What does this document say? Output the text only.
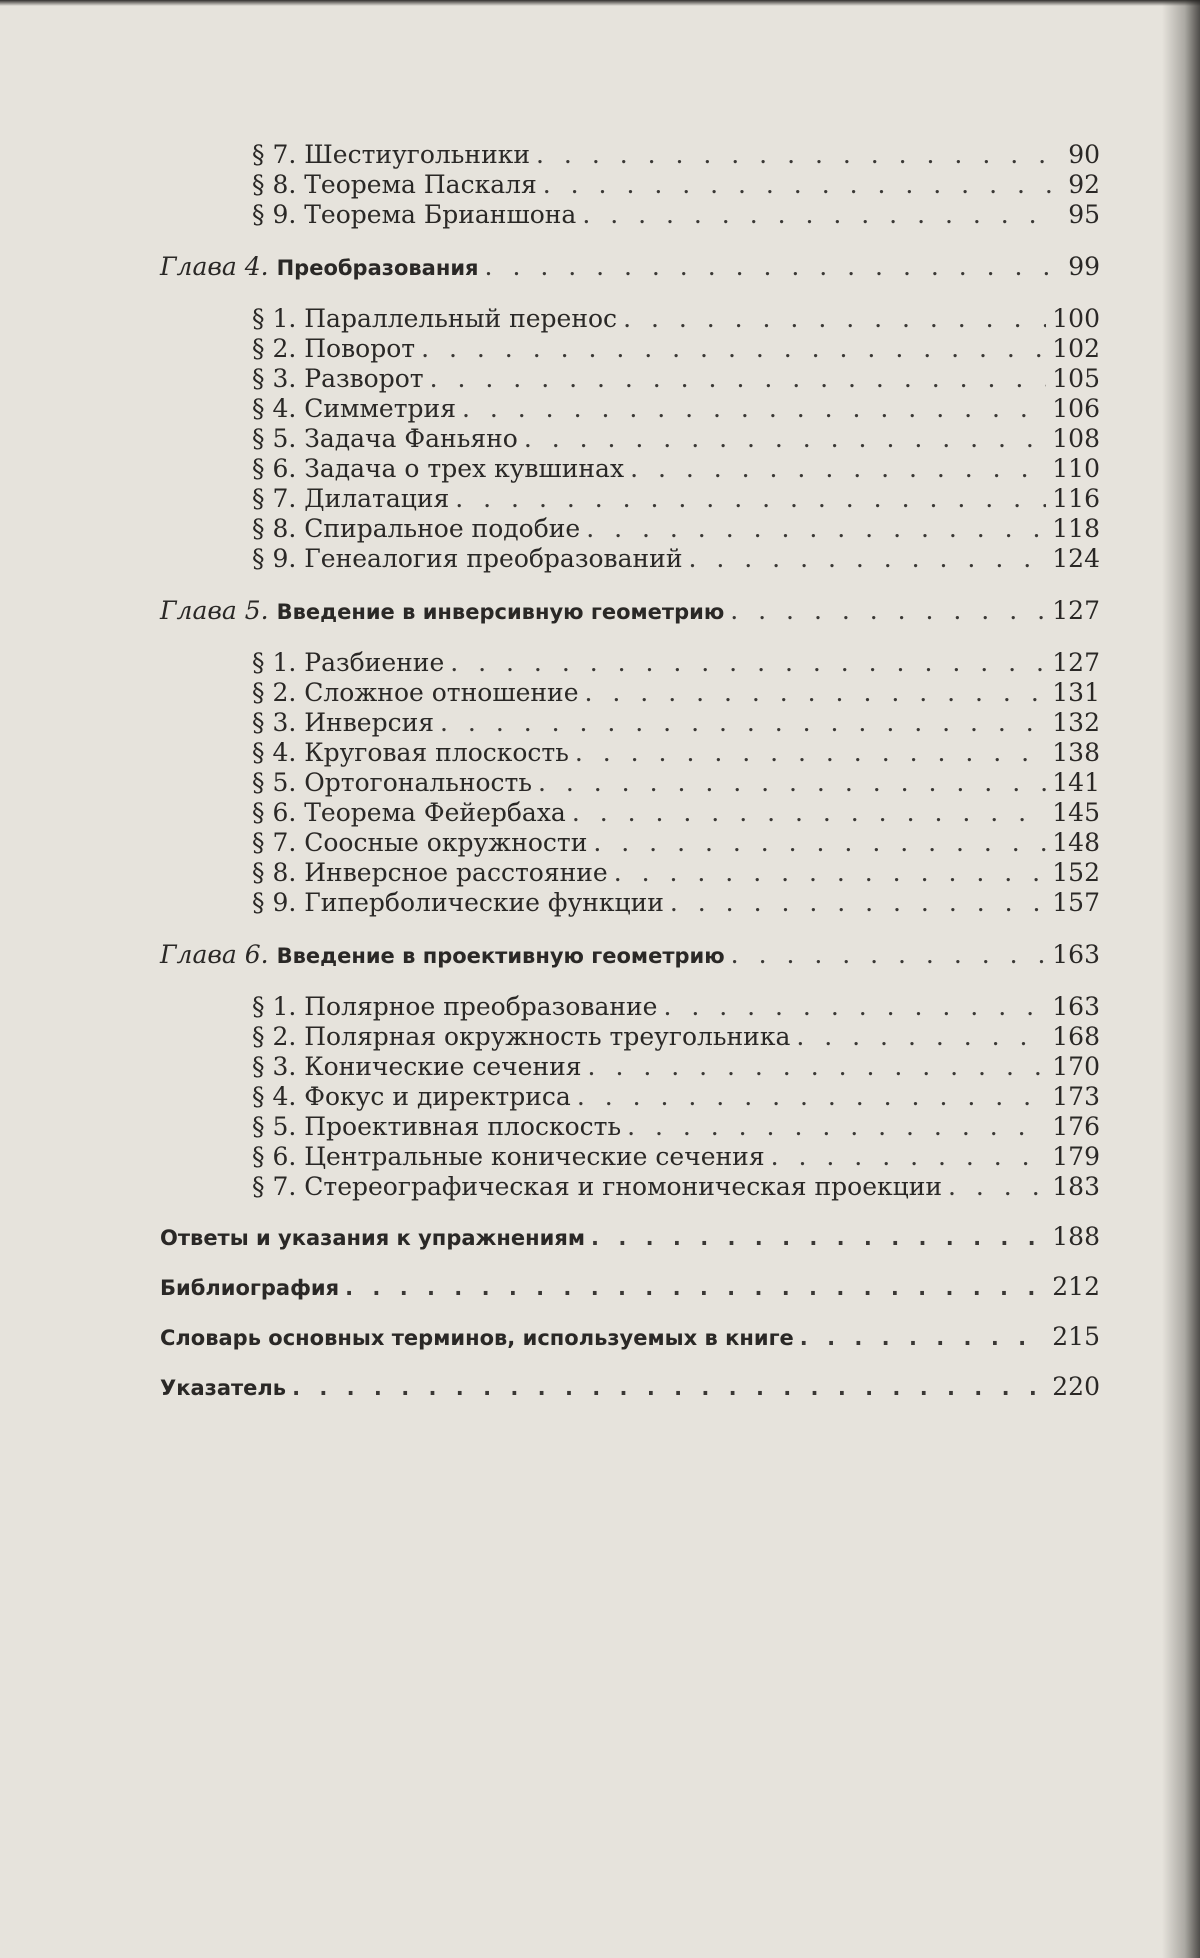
§ 7. Шестиугольники . . .	90
§ 8. Теорема Паскаля . . .	92
§ 9. Теорема Брианшона . . .	95
Глава 4. Преобразования . . .	99
§ 1. Параллельный перенос . . .	100
§ 2. Поворот . . .	102
§ 3. Разворот . . .	105
§ 4. Симметрия . . .	106
§ 5. Задача Фаньяно . . .	108
§ 6. Задача о трех кувшинах . . .	110
§ 7. Дилатация . . .	116
§ 8. Спиральное подобие . . .	118
§ 9. Генеалогия преобразований . . .	124
Глава 5. Введение в инверсивную геометрию . . .	127
§ 1. Разбиение . . .	127
§ 2. Сложное отношение . . .	131
§ 3. Инверсия . . .	132
§ 4. Круговая плоскость . . .	138
§ 5. Ортогональность . . .	141
§ 6. Теорема Фейербаха . . .	145
§ 7. Соосные окружности . . .	148
§ 8. Инверсное расстояние . . .	152
§ 9. Гиперболические функции . . .	157
Глава 6. Введение в проективную геометрию . . .	163
§ 1. Полярное преобразование . . .	163
§ 2. Полярная окружность треугольника . . .	168
§ 3. Конические сечения . . .	170
§ 4. Фокус и директриса . . .	173
§ 5. Проективная плоскость . . .	176
§ 6. Центральные конические сечения . . .	179
§ 7. Стереографическая и гномоническая проекции . . .	183
Ответы и указания к упражнениям . . .	188
Библиография . . .	212
Словарь основных терминов, используемых в книге . . .	215
Указатель . . .	220
